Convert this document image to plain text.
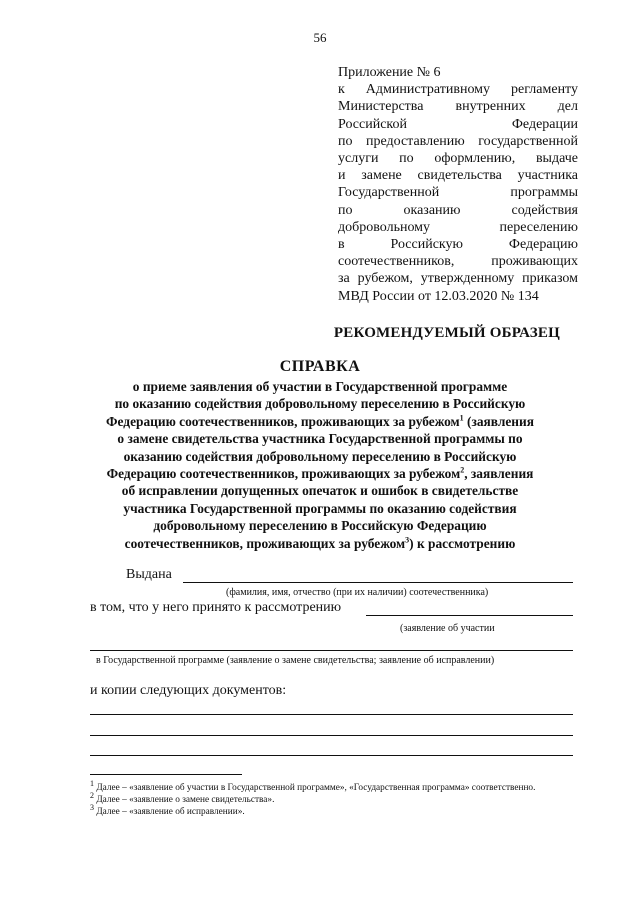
56
Приложение № 6
к Административному регламенту
Министерства внутренних дел
Российской Федерации
по предоставлению государственной
услуги по оформлению, выдаче
и замене свидетельства участника
Государственной программы
по оказанию содействия
добровольному переселению
в Российскую Федерацию
соотечественников, проживающих
за рубежом, утвержденному приказом
МВД России от 12.03.2020 № 134
РЕКОМЕНДУЕМЫЙ ОБРАЗЕЦ
СПРАВКА
о приеме заявления об участии в Государственной программе
по оказанию содействия добровольному переселению в Российскую
Федерацию соотечественников, проживающих за рубежом$^1$ (заявления
о замене свидетельства участника Государственной программы по
оказанию содействия добровольному переселению в Российскую
Федерацию соотечественников, проживающих за рубежом$^2$, заявления
об исправлении допущенных опечаток и ошибок в свидетельстве
участника Государственной программы по оказанию содействия
добровольному переселению в Российскую Федерацию
соотечественников, проживающих за рубежом$^3$) к рассмотрению
Выдана
(фамилия, имя, отчество (при их наличии) соотечественника)
в том, что у него принято к рассмотрению
(заявление об участии
в Государственной программе (заявление о замене свидетельства; заявление об исправлении)
и копии следующих документов:

$^1$ Далее – «заявление об участии в Государственной программе», «Государственная программа» соответственно.

$^2$ Далее – «заявление о замене свидетельства».

$^3$ Далее – «заявление об исправлении».
